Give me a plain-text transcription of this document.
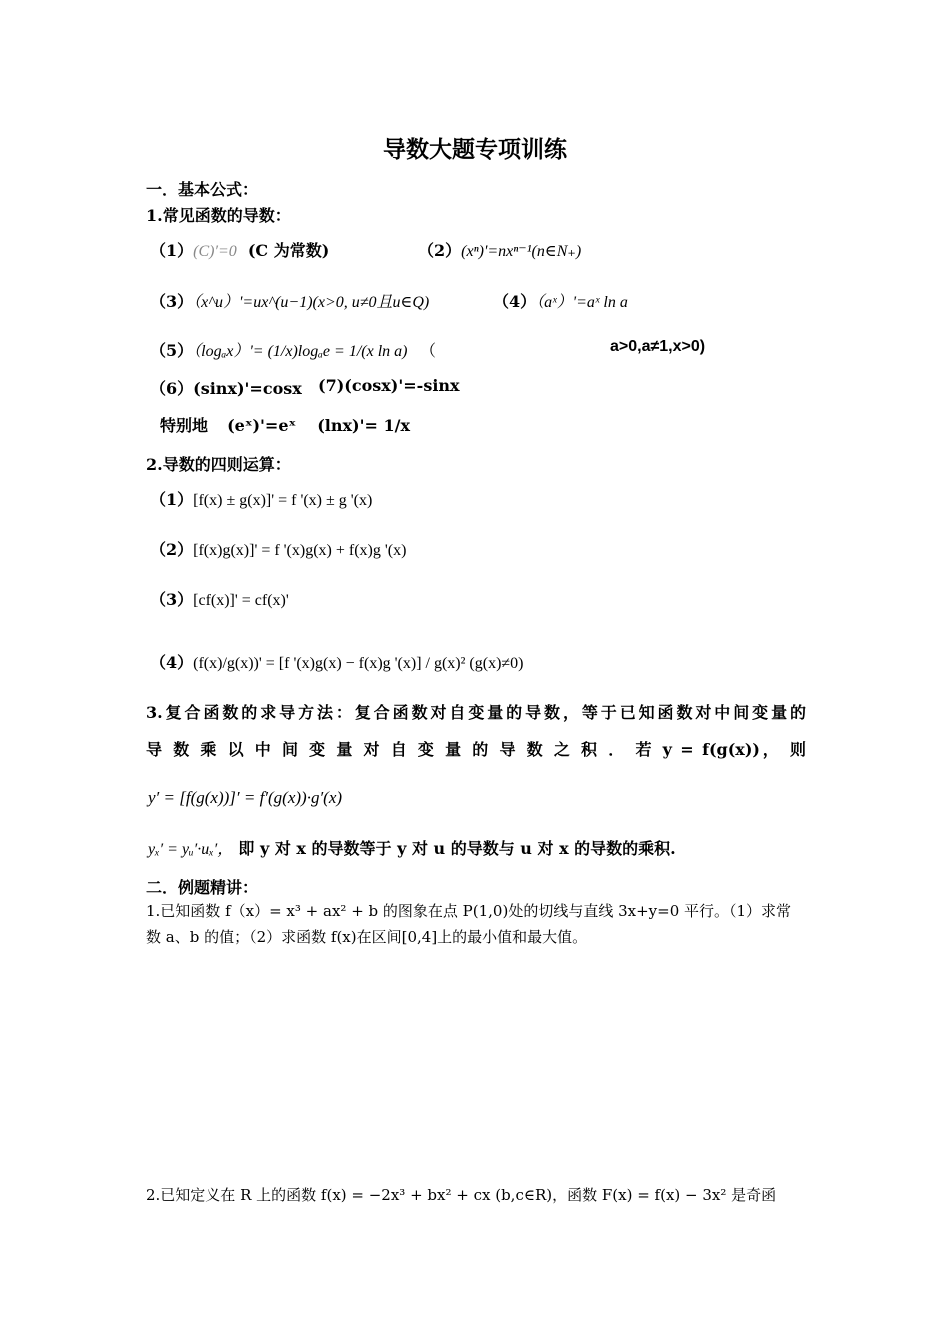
导数大题专项训练
一．基本公式：
1.常见函数的导数：
（1）(C)′=0 (C 为常数)	（2）(xⁿ)'=nxⁿ⁻¹(n∈N₊)
（3）（x^u）'=ux^(u−1)(x>0, u≠0且u∈Q)	（4）（aˣ）'=aˣ ln a
（5）（logₐx）'= (1/x)logₐe = 1/(x ln a) （	a>0,a≠1,x>0)
（6）(sinx)'=cosx (7)(cosx)'=-sinx
特别地 (eˣ)'=eˣ (lnx)'= 1/x
2.导数的四则运算：
（1）[f(x) ± g(x)]' = f '(x) ± g '(x)
（2）[f(x)g(x)]' = f '(x)g(x) + f(x)g '(x)
（3）[cf(x)]' = cf(x)'
（4）(f(x)/g(x))' = [f '(x)g(x) − f(x)g '(x)] / g(x)² (g(x)≠0)
3.复合函数的求导方法：复合函数对自变量的导数，等于已知函数对中间变量的
导 数 乘 以 中 间 变 量 对 自 变 量 的 导 数 之 积 ． 若 y = f(g(x))， 则
y′ = [f(g(x))]′ = f′(g(x))·g′(x)
yₓ′ = yᵤ′·uₓ′， 即 y 对 x 的导数等于 y 对 u 的导数与 u 对 x 的导数的乘积.
二．例题精讲：
1.已知函数 f（x）= x³ + ax² + b 的图象在点 P(1,0)处的切线与直线 3x+y=0 平行。（1）求常
数 a、b 的值；（2）求函数 f(x)在区间[0,4]上的最小值和最大值。
2.已知定义在 R 上的函数 f(x) = −2x³ + bx² + cx (b,c∈R)，函数 F(x) = f(x) − 3x² 是奇函
